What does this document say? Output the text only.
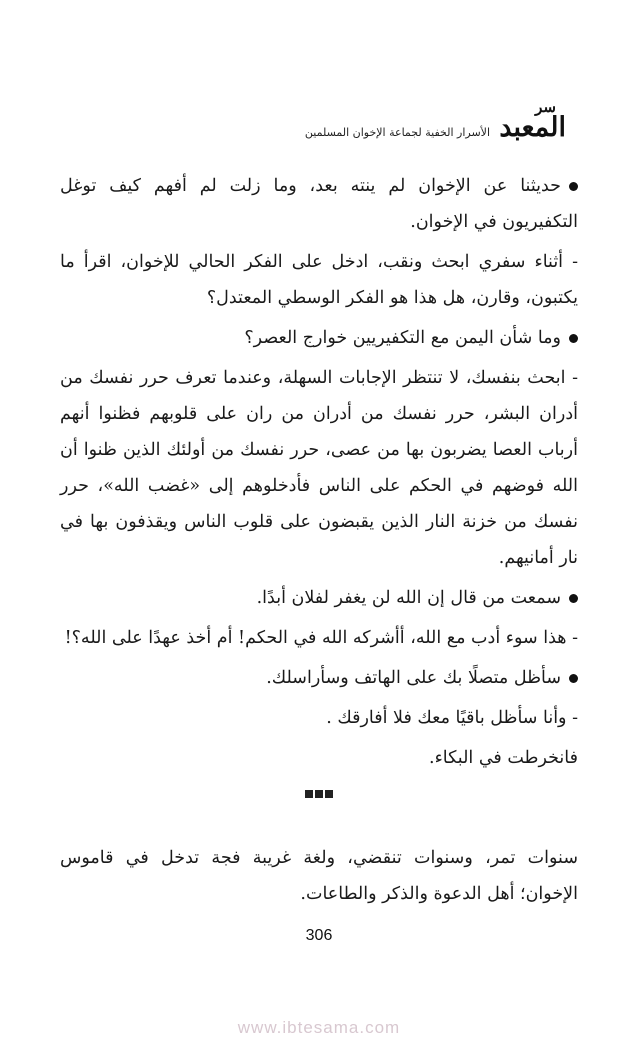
سر
المعبد
الأسرار الخفية لجماعة الإخوان المسلمين

حديثنا عن الإخوان لم ينته بعد، وما زلت لم أفهم كيف توغل التكفيريون في الإخوان.

- أثناء سفري ابحث ونقب، ادخل على الفكر الحالي للإخوان، اقرأ ما يكتبون، وقارن، هل هذا هو الفكر الوسطي المعتدل؟

وما شأن اليمن مع التكفيريين خوارج العصر؟

- ابحث بنفسك، لا تنتظر الإجابات السهلة، وعندما تعرف حرر نفسك من أدران البشر، حرر نفسك من أدران من ران على قلوبهم فظنوا أنهم أرباب العصا يضربون بها من عصى، حرر نفسك من أولئك الذين ظنوا أن الله فوضهم في الحكم على الناس فأدخلوهم إلى «غضب الله»، حرر نفسك من خزنة النار الذين يقبضون على قلوب الناس ويقذفون بها في نار أمانيهم.

سمعت من قال إن الله لن يغفر لفلان أبدًا.

- هذا سوء أدب مع الله، أأشركه الله في الحكم! أم أخذ عهدًا على الله؟!

سأظل متصلًا بك على الهاتف وسأراسلك.

- وأنا سأظل باقيًا معك فلا أفارقك .

فانخرطت في البكاء.

سنوات تمر، وسنوات تنقضي، ولغة غريبة فجة تدخل في قاموس الإخوان؛ أهل الدعوة والذكر والطاعات.

306
www.ibtesama.com
